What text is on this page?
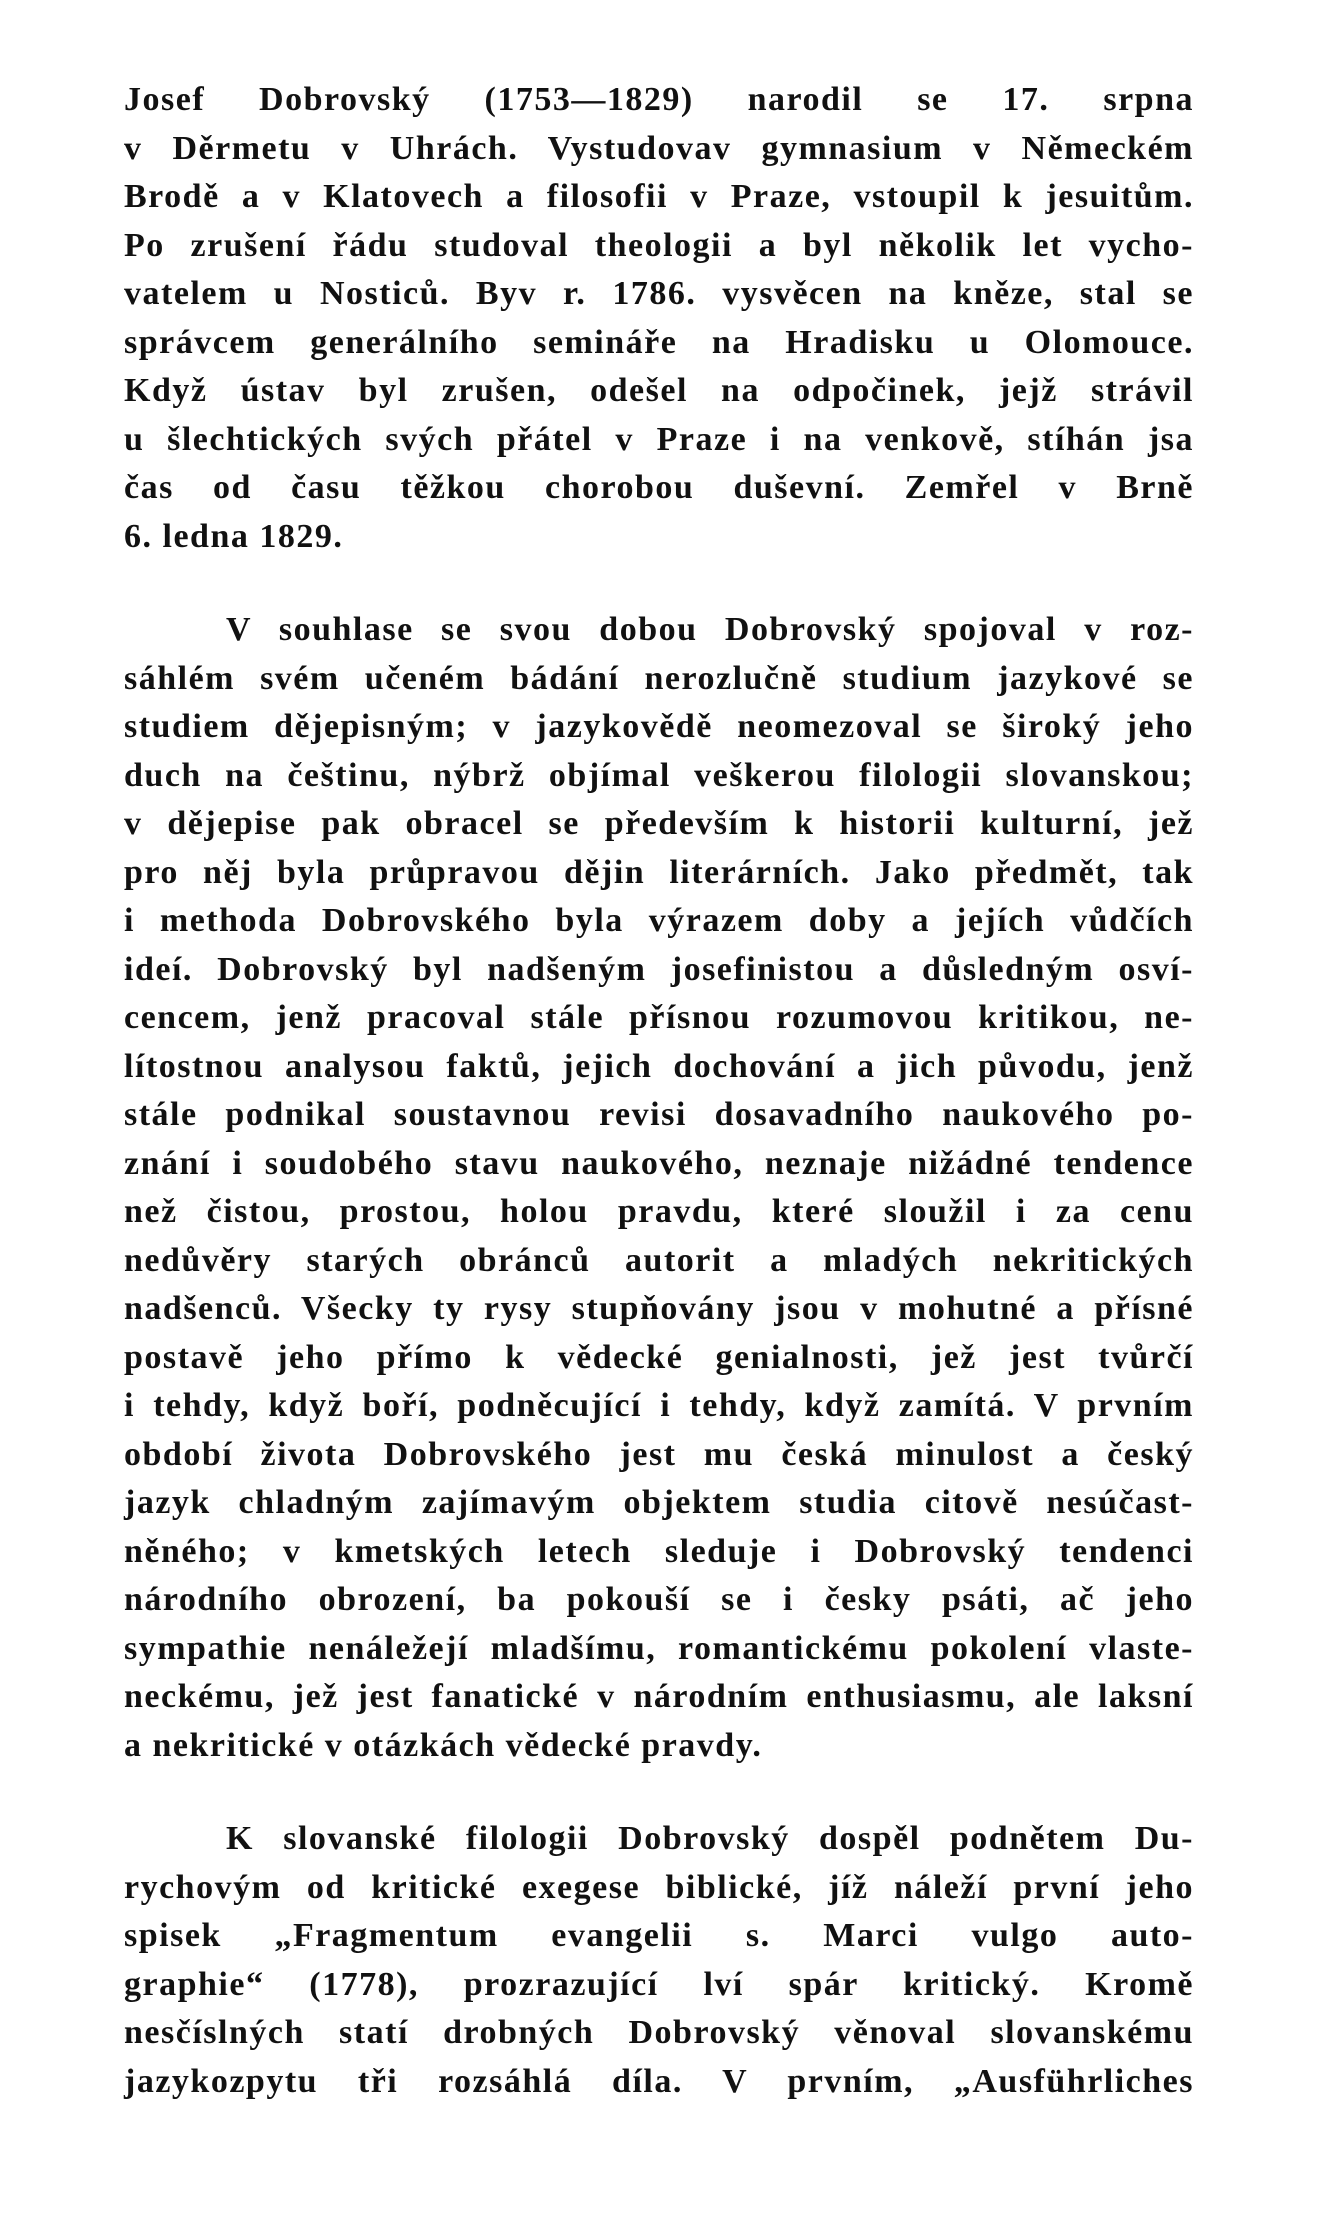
Josef Dobrovský (1753—1829) narodil se 17. srpna
v Děrmetu v Uhrách. Vystudovav gymnasium v Německém
Brodě a v Klatovech a filosofii v Praze, vstoupil k jesuitům.
Po zrušení řádu studoval theologii a byl několik let vycho-
vatelem u Nosticů. Byv r. 1786. vysvěcen na kněze, stal se
správcem generálního semináře na Hradisku u Olomouce.
Když ústav byl zrušen, odešel na odpočinek, jejž strávil
u šlechtických svých přátel v Praze i na venkově, stíhán jsa
čas od času těžkou chorobou duševní. Zemřel v Brně
6. ledna 1829.

V souhlase se svou dobou Dobrovský spojoval v roz-
sáhlém svém učeném bádání nerozlučně studium jazykové se
studiem dějepisným; v jazykovědě neomezoval se široký jeho
duch na češtinu, nýbrž objímal veškerou filologii slovanskou;
v dějepise pak obracel se především k historii kulturní, jež
pro něj byla průpravou dějin literárních. Jako předmět, tak
i methoda Dobrovského byla výrazem doby a jejích vůdčích
ideí. Dobrovský byl nadšeným josefinistou a důsledným osví-
cencem, jenž pracoval stále přísnou rozumovou kritikou, ne-
lítostnou analysou faktů, jejich dochování a jich původu, jenž
stále podnikal soustavnou revisi dosavadního naukového po-
znání i soudobého stavu naukového, neznaje nižádné tendence
než čistou, prostou, holou pravdu, které sloužil i za cenu
nedůvěry starých obránců autorit a mladých nekritických
nadšenců. Všecky ty rysy stupňovány jsou v mohutné a přísné
postavě jeho přímo k vědecké genialnosti, jež jest tvůrčí
i tehdy, když boří, podněcující i tehdy, když zamítá. V prvním
období života Dobrovského jest mu česká minulost a český
jazyk chladným zajímavým objektem studia citově nesúčast-
něného; v kmetských letech sleduje i Dobrovský tendenci
národního obrození, ba pokouší se i česky psáti, ač jeho
sympathie nenáležejí mladšímu, romantickému pokolení vlaste-
neckému, jež jest fanatické v národním enthusiasmu, ale laksní
a nekritické v otázkách vědecké pravdy.

K slovanské filologii Dobrovský dospěl podnětem Du-
rychovým od kritické exegese biblické, jíž náleží první jeho
spisek „Fragmentum evangelii s. Marci vulgo auto-
graphie“ (1778), prozrazující lví spár kritický. Kromě
nesčíslných statí drobných Dobrovský věnoval slovanskému
jazykozpytu tři rozsáhlá díla. V prvním, „Ausführliches
